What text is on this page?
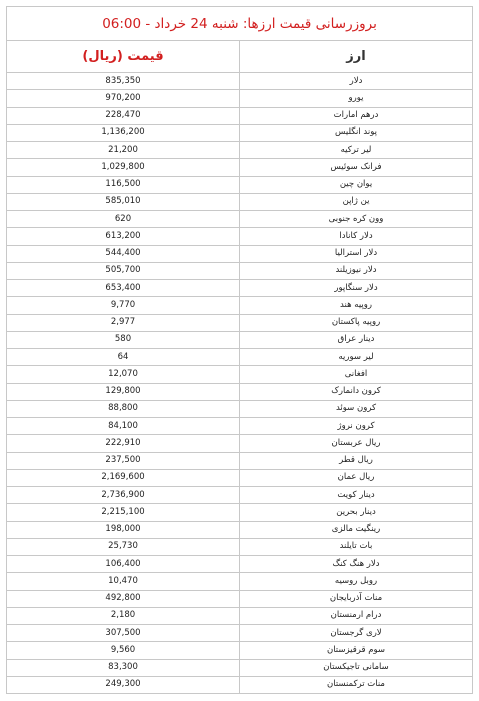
بروزرسانی قیمت ارزها: شنبه 24 خرداد - 06:00	
ارز	قیمت (ریال)
دلار	835,350
یورو	970,200
درهم امارات	228,470
پوند انگلیس	1,136,200
لیر ترکیه	21,200
فرانک سوئیس	1,029,800
یوان چین	116,500
ین ژاپن	585,010
وون کره جنوبی	620
دلار کانادا	613,200
دلار استرالیا	544,400
دلار نیوزیلند	505,700
دلار سنگاپور	653,400
روپیه هند	9,770
روپیه پاکستان	2,977
دینار عراق	580
لیر سوریه	64
افغانی	12,070
کرون دانمارک	129,800
کرون سوئد	88,800
کرون نروژ	84,100
ریال عربستان	222,910
ریال قطر	237,500
ریال عمان	2,169,600
دینار کویت	2,736,900
دینار بحرین	2,215,100
رینگیت مالزی	198,000
بات تایلند	25,730
دلار هنگ کنگ	106,400
روبل روسیه	10,470
منات آذربایجان	492,800
درام ارمنستان	2,180
لاری گرجستان	307,500
سوم قرقیزستان	9,560
سامانی تاجیکستان	83,300
منات ترکمنستان	249,300
